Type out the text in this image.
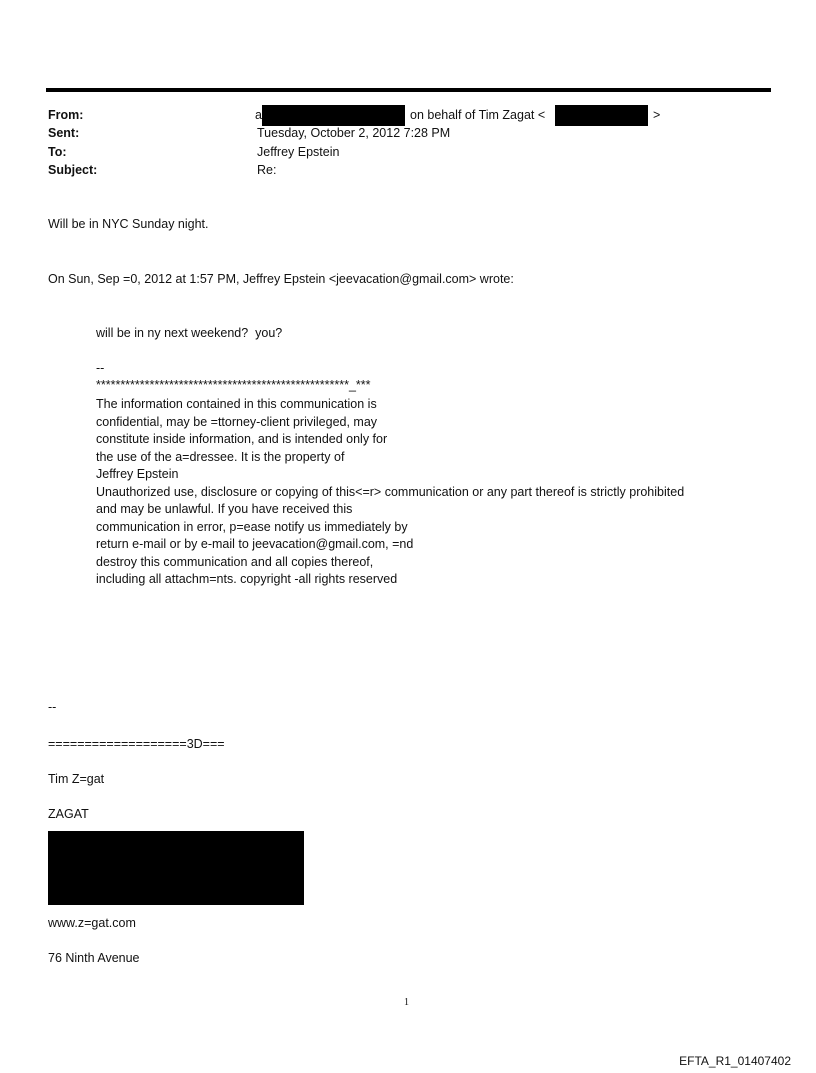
From:
Sent:
To:
Subject:
a	on behalf of Tim Zagat <	>
Tuesday, October 2, 2012 7:28 PM
Jeffrey Epstein
Re:
Will be in NYC Sunday night.
On Sun, Sep =0, 2012 at 1:57 PM, Jeffrey Epstein <jeevacation@gmail.com> wrote:
will be in ny next weekend?  you?
--
****************************************************_***
The information contained in this communication is
confidential, may be =ttorney-client privileged, may
constitute inside information, and is intended only for
the use of the a=dressee. It is the property of
Jeffrey Epstein
Unauthorized use, disclosure or copying of this<=r> communication or any part thereof is strictly prohibited
and may be unlawful. If you have received this
communication in error, p=ease notify us immediately by
return e-mail or by e-mail to jeevacation@gmail.com, =nd
destroy this communication and all copies thereof,
including all attachm=nts. copyright -all rights reserved
--
===================3D===
Tim Z=gat
ZAGAT
www.z=gat.com
76 Ninth Avenue
1
EFTA_R1_01407402
